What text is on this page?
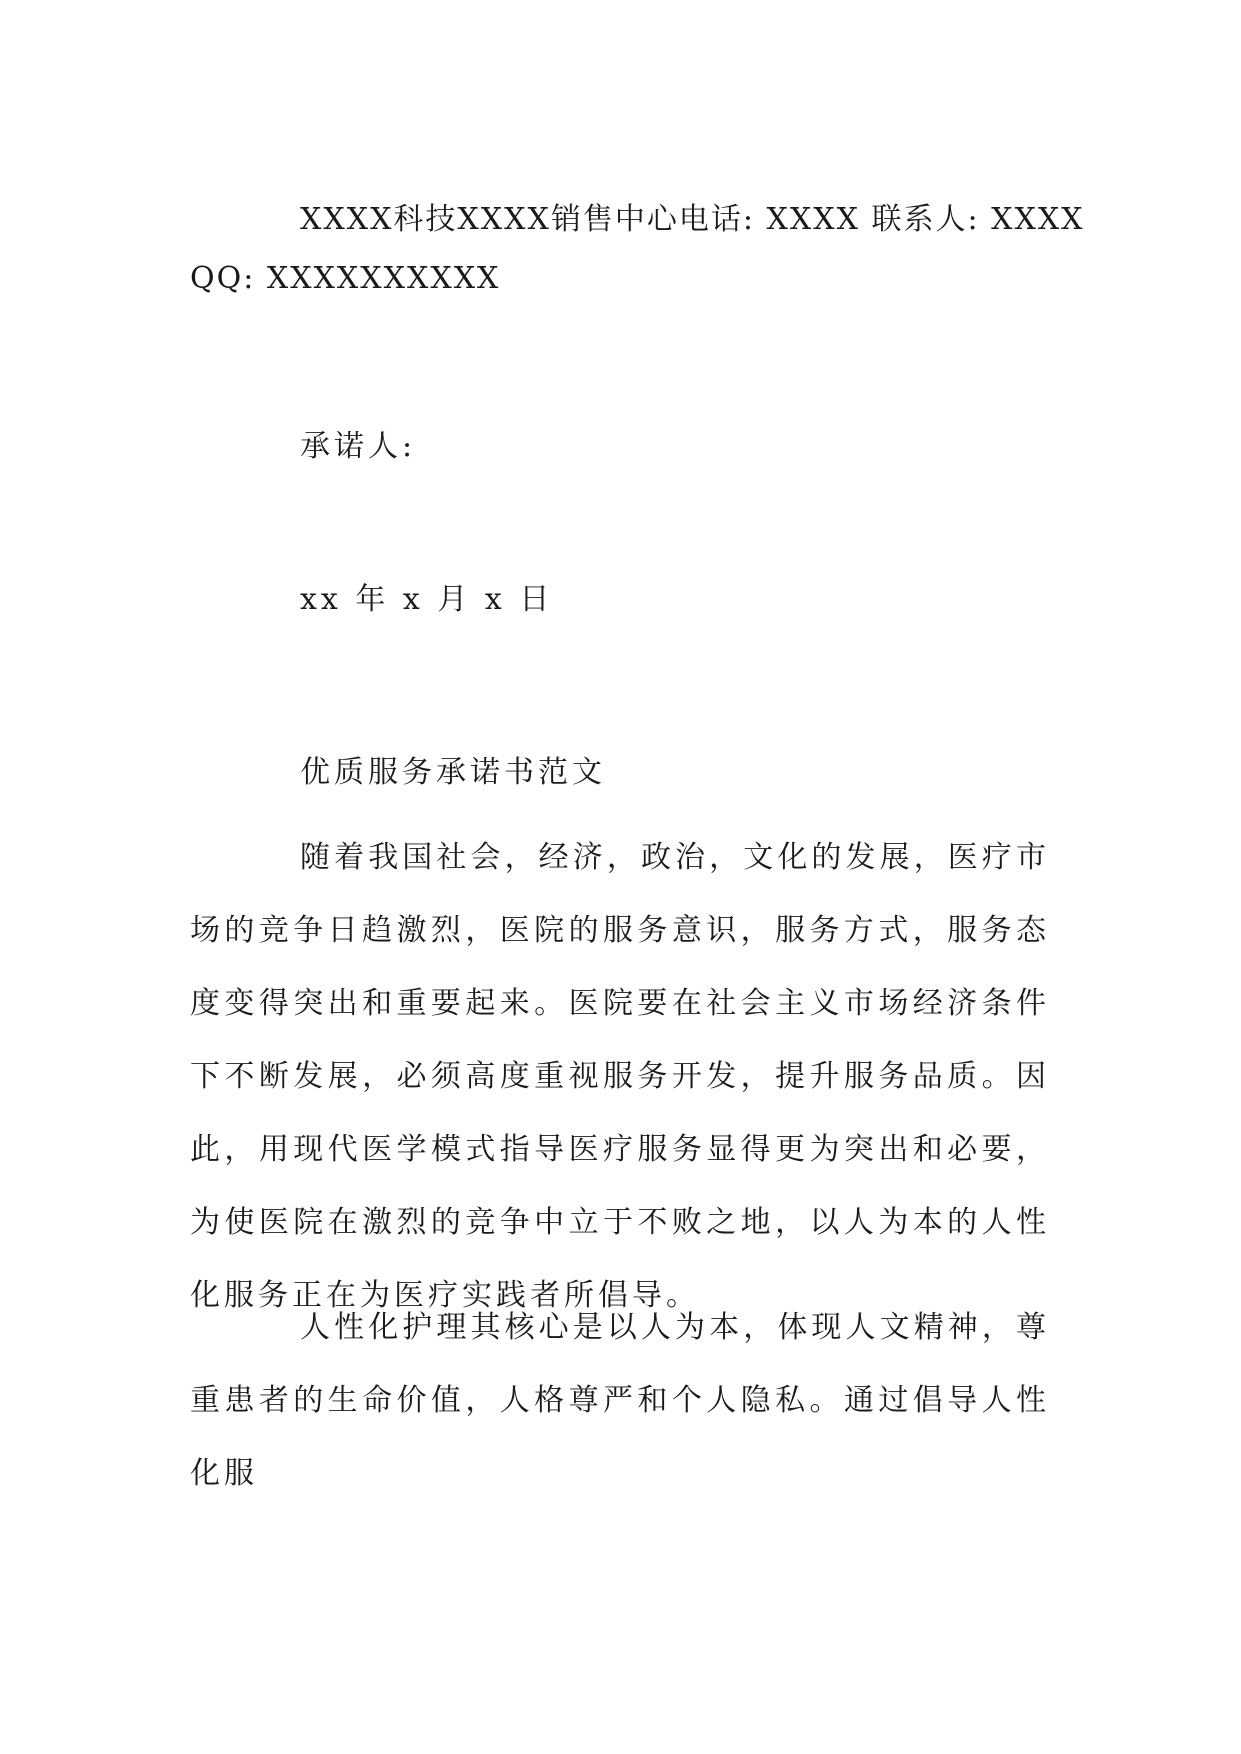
XXXX科技XXXX销售中心电话: XXXX 联系人: XXXX QQ: XXXXXXXXXX

承诺人:

xx 年 x 月 x 日

优质服务承诺书范文

随着我国社会，经济，政治，文化的发展，医疗市场的竞争日趋激烈，医院的服务意识，服务方式，服务态度变得突出和重要起来。医院要在社会主义市场经济条件下不断发展，必须高度重视服务开发，提升服务品质。因此，用现代医学模式指导医疗服务显得更为突出和必要，为使医院在激烈的竞争中立于不败之地，以人为本的人性化服务正在为医疗实践者所倡导。

人性化护理其核心是以人为本，体现人文精神，尊重患者的生命价值，人格尊严和个人隐私。通过倡导人性化服
